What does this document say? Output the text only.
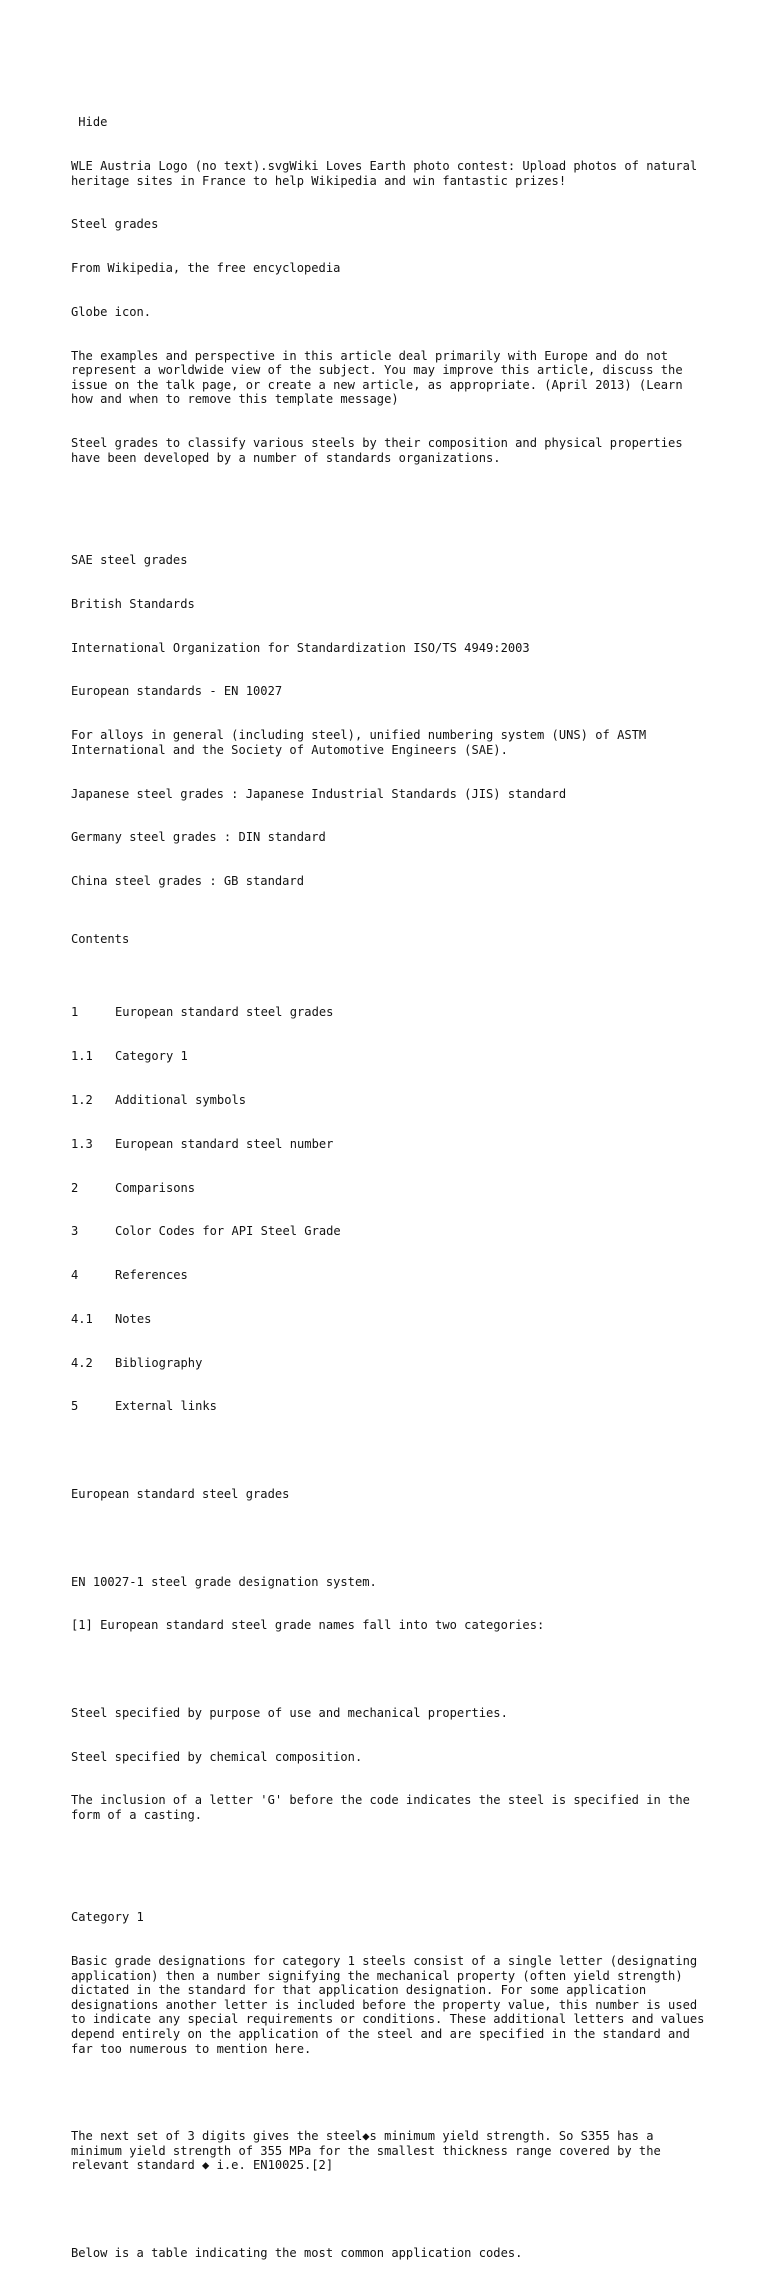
Hide

WLE Austria Logo (no text).svgWiki Loves Earth photo contest: Upload photos of natural heritage sites in France to help Wikipedia and win fantastic prizes!

Steel grades

From Wikipedia, the free encyclopedia

Globe icon.

The examples and perspective in this article deal primarily with Europe and do not represent a worldwide view of the subject. You may improve this article, discuss the issue on the talk page, or create a new article, as appropriate. (April 2013) (Learn how and when to remove this template message)

Steel grades to classify various steels by their composition and physical properties have been developed by a number of standards organizations.

SAE steel grades

British Standards

International Organization for Standardization ISO/TS 4949:2003

European standards - EN 10027

For alloys in general (including steel), unified numbering system (UNS) of ASTM International and the Society of Automotive Engineers (SAE).

Japanese steel grades : Japanese Industrial Standards (JIS) standard

Germany steel grades : DIN standard

China steel grades : GB standard

Contents

1	European standard steel grades

1.1	Category 1

1.2	Additional symbols

1.3	European standard steel number

2	Comparisons

3	Color Codes for API Steel Grade

4	References

4.1	Notes

4.2	Bibliography

5	External links

European standard steel grades

EN 10027-1 steel grade designation system.

[1] European standard steel grade names fall into two categories:

Steel specified by purpose of use and mechanical properties.

Steel specified by chemical composition.

The inclusion of a letter 'G' before the code indicates the steel is specified in the form of a casting.

Category 1

Basic grade designations for category 1 steels consist of a single letter (designating application) then a number signifying the mechanical property (often yield strength) dictated in the standard for that application designation. For some application designations another letter is included before the property value, this number is used to indicate any special requirements or conditions. These additional letters and values depend entirely on the application of the steel and are specified in the standard and far too numerous to mention here.

The next set of 3 digits gives the steel◆s minimum yield strength. So S355 has a minimum yield strength of 355 MPa for the smallest thickness range covered by the relevant standard ◆ i.e. EN10025.[2]

Below is a table indicating the most common application codes.
